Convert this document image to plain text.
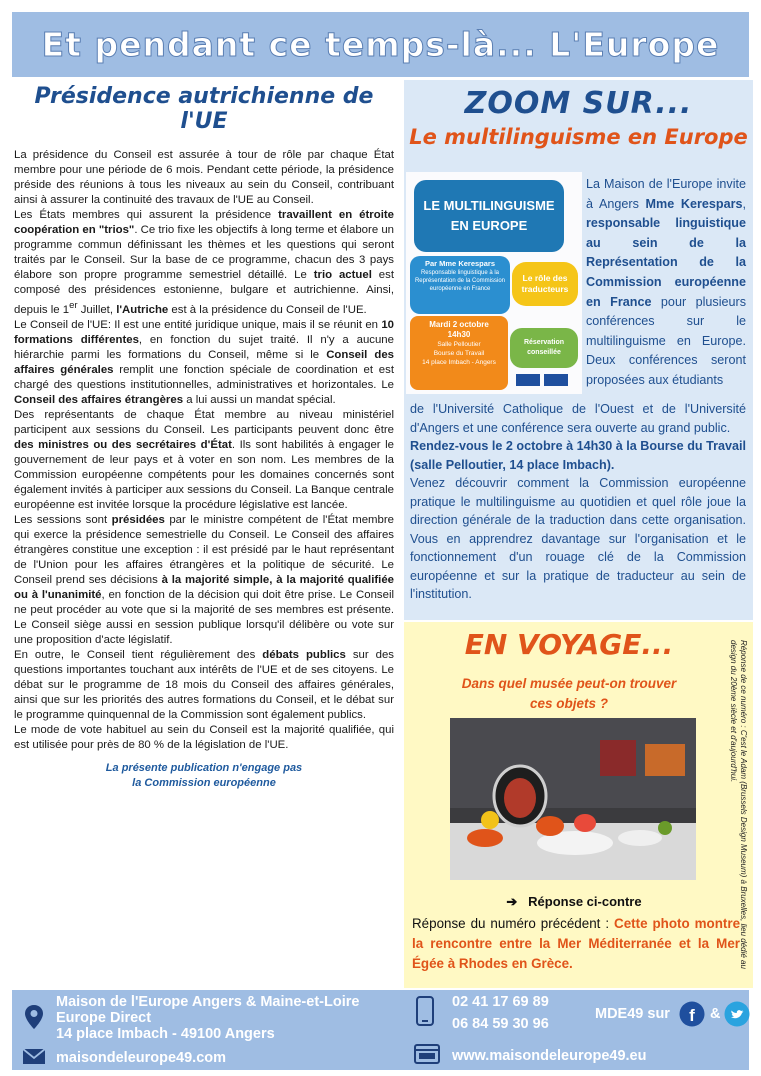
Et pendant ce temps-là... L'Europe
Présidence autrichienne de l'UE

La présidence du Conseil est assurée à tour de rôle par chaque État membre pour une période de 6 mois. Pendant cette période, la présidence préside des réunions à tous les niveaux au sein du Conseil, contribuant ainsi à assurer la continuité des travaux de l'UE au Conseil.

Les États membres qui assurent la présidence travaillent en étroite coopération en "trios". Ce trio fixe les objectifs à long terme et élabore un programme commun définissant les thèmes et les questions qui seront traités par le Conseil. Sur la base de ce programme, chacun des 3 pays élabore son propre programme semestriel détaillé. Le trio actuel est composé des présidences estonienne, bulgare et autrichienne. Ainsi, depuis le 1er Juillet, l'Autriche est à la présidence du Conseil de l'UE.

Le Conseil de l'UE: Il est une entité juridique unique, mais il se réunit en 10 formations différentes, en fonction du sujet traité. Il n'y a aucune hiérarchie parmi les formations du Conseil, même si le Conseil des affaires générales remplit une fonction spéciale de coordination et est chargé des questions institutionnelles, administratives et horizontales. Le Conseil des affaires étrangères a lui aussi un mandat spécial.

Des représentants de chaque État membre au niveau ministériel participent aux sessions du Conseil. Les participants peuvent donc être des ministres ou des secrétaires d'État. Ils sont habilités à engager le gouvernement de leur pays et à voter en son nom. Les membres de la Commission européenne compétents pour les domaines concernés sont également invités à participer aux sessions du Conseil. La Banque centrale européenne est invitée lorsque la procédure législative est lancée.

Les sessions sont présidées par le ministre compétent de l'État membre qui exerce la présidence semestrielle du Conseil. Le Conseil des affaires étrangères constitue une exception : il est présidé par le haut représentant de l'Union pour les affaires étrangères et la politique de sécurité. Le Conseil prend ses décisions à la majorité simple, à la majorité qualifiée ou à l'unanimité, en fonction de la décision qui doit être prise. Le Conseil ne peut procéder au vote que si la majorité de ses membres est présente. Le Conseil siège aussi en session publique lorsqu'il délibère ou vote sur une proposition d'acte législatif.

En outre, le Conseil tient régulièrement des débats publics sur des questions importantes touchant aux intérêts de l'UE et de ses citoyens. Le débat sur le programme de 18 mois du Conseil des affaires générales, ainsi que sur les priorités des autres formations du Conseil, et le débat sur le programme quinquennal de la Commission sont également publics.

Le mode de vote habituel au sein du Conseil est la majorité qualifiée, qui est utilisée pour près de 80 % de la législation de l'UE.

La présente publication n'engage pas
la Commission européenne
ZOOM SUR...
Le multilinguisme en Europe
LE MULTILINGUISME
EN EUROPE
Par Mme Kerespars
Responsable linguistique à la Représentation de la Commission européenne en France
Le rôle des
traducteurs
Mardi 2 octobre
14h30
Salle Pelloutier
Bourse du Travail
14 place Imbach - Angers
Réservation
conseillée
La Maison de l'Europe invite à Angers Mme Kerespars, responsable linguistique au sein de la Représentation de la Commission européenne en France pour plusieurs conférences sur le multilinguisme en Europe. Deux conférences seront proposées aux étudiants

de l'Université Catholique de l'Ouest et de l'Université d'Angers et une conférence sera ouverte au grand public.

Rendez-vous le 2 octobre à 14h30 à la Bourse du Travail (salle Pelloutier, 14 place Imbach).

Venez découvrir comment la Commission européenne pratique le multilinguisme au quotidien et quel rôle joue la direction générale de la traduction dans cette organisation. Vous en apprendrez davantage sur l'organisation et le fonctionnement d'un rouage clé de la Commission européenne et sur la pratique de traducteur au sein de l'institution.

EN VOYAGE...
Dans quel musée peut-on trouver
ces objets ?	Réponse de ce numéro : C'est le Adam (Brussels Design Museum) à Bruxelles, lieu dédié au design du 20ème siècle et d'aujourd'hui.
➔ Réponse ci-contre
Réponse du numéro précédent : Cette photo montre la rencontre entre la Mer Méditerranée et la Mer Égée à Rhodes en Grèce.
Maison de l'Europe Angers & Maine-et-Loire
Europe Direct
14 place Imbach - 49100 Angers
maisondeleurope49.com
02 41 17 69 89
06 84 59 30 96
www.maisondeleurope49.eu
MDE49 sur f &
